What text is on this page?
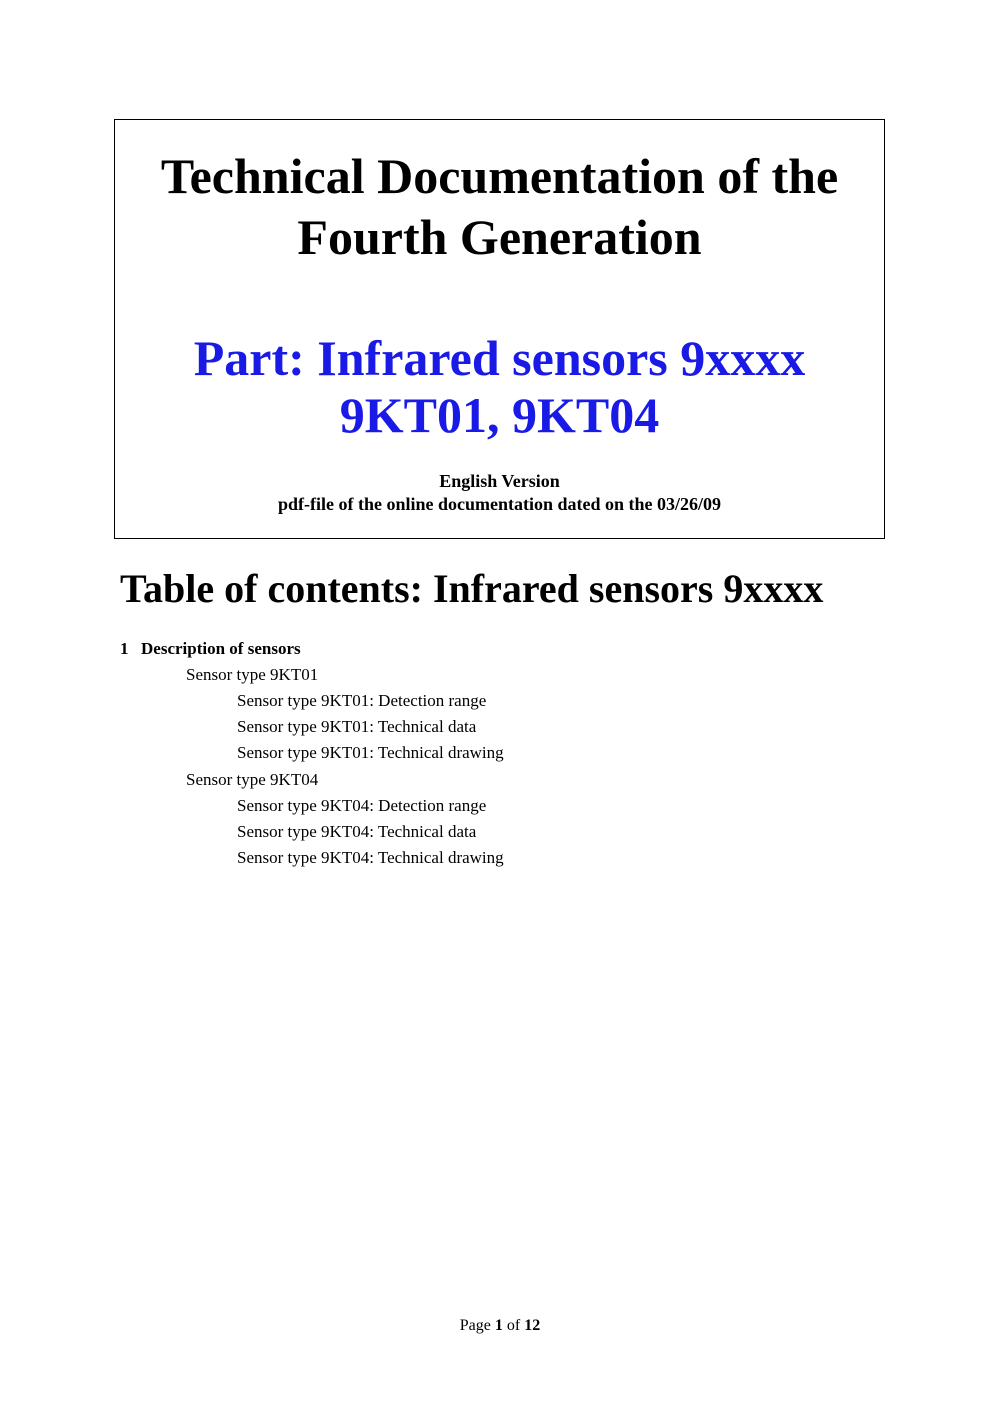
Technical Documentation of the
Fourth Generation
Part: Infrared sensors 9xxxx
9KT01, 9KT04
English Version
pdf-file of the online documentation dated on the 03/26/09
Table of contents: Infrared sensors 9xxxx
1 Description of sensors
Sensor type 9KT01
Sensor type 9KT01: Detection range
Sensor type 9KT01: Technical data
Sensor type 9KT01: Technical drawing
Sensor type 9KT04
Sensor type 9KT04: Detection range
Sensor type 9KT04: Technical data
Sensor type 9KT04: Technical drawing
Page 1 of 12
